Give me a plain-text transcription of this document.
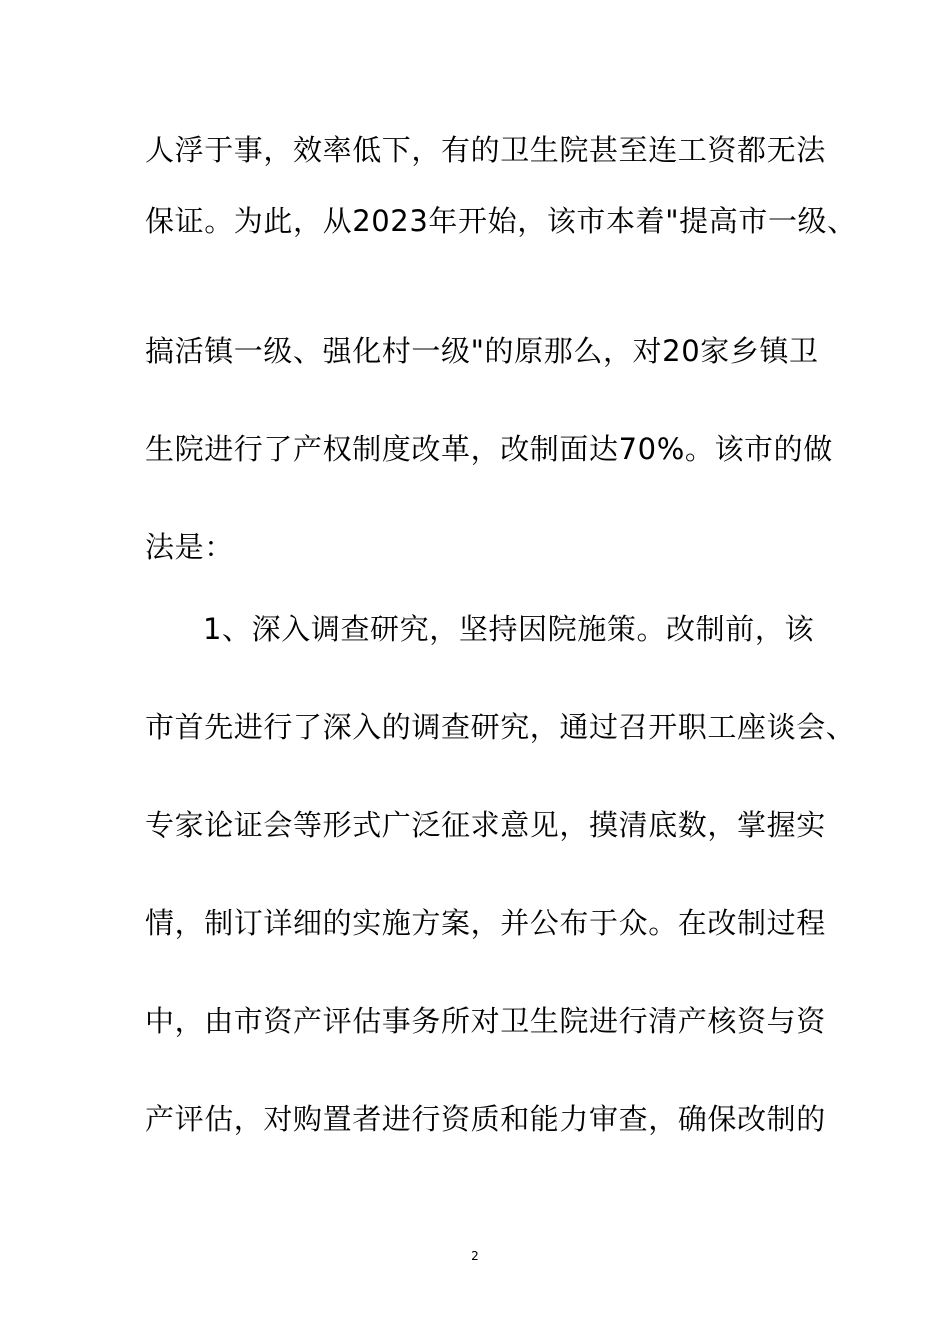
人浮于事，效率低下，有的卫生院甚至连工资都无法
保证。为此，从2023年开始，该市本着"提高市一级、
搞活镇一级、强化村一级"的原那么，对20家乡镇卫
生院进行了产权制度改革，改制面达70%。该市的做
法是：
1、深入调查研究，坚持因院施策。改制前，该
市首先进行了深入的调查研究，通过召开职工座谈会、
专家论证会等形式广泛征求意见，摸清底数，掌握实
情，制订详细的实施方案，并公布于众。在改制过程
中，由市资产评估事务所对卫生院进行清产核资与资
产评估，对购置者进行资质和能力审查，确保改制的
2
